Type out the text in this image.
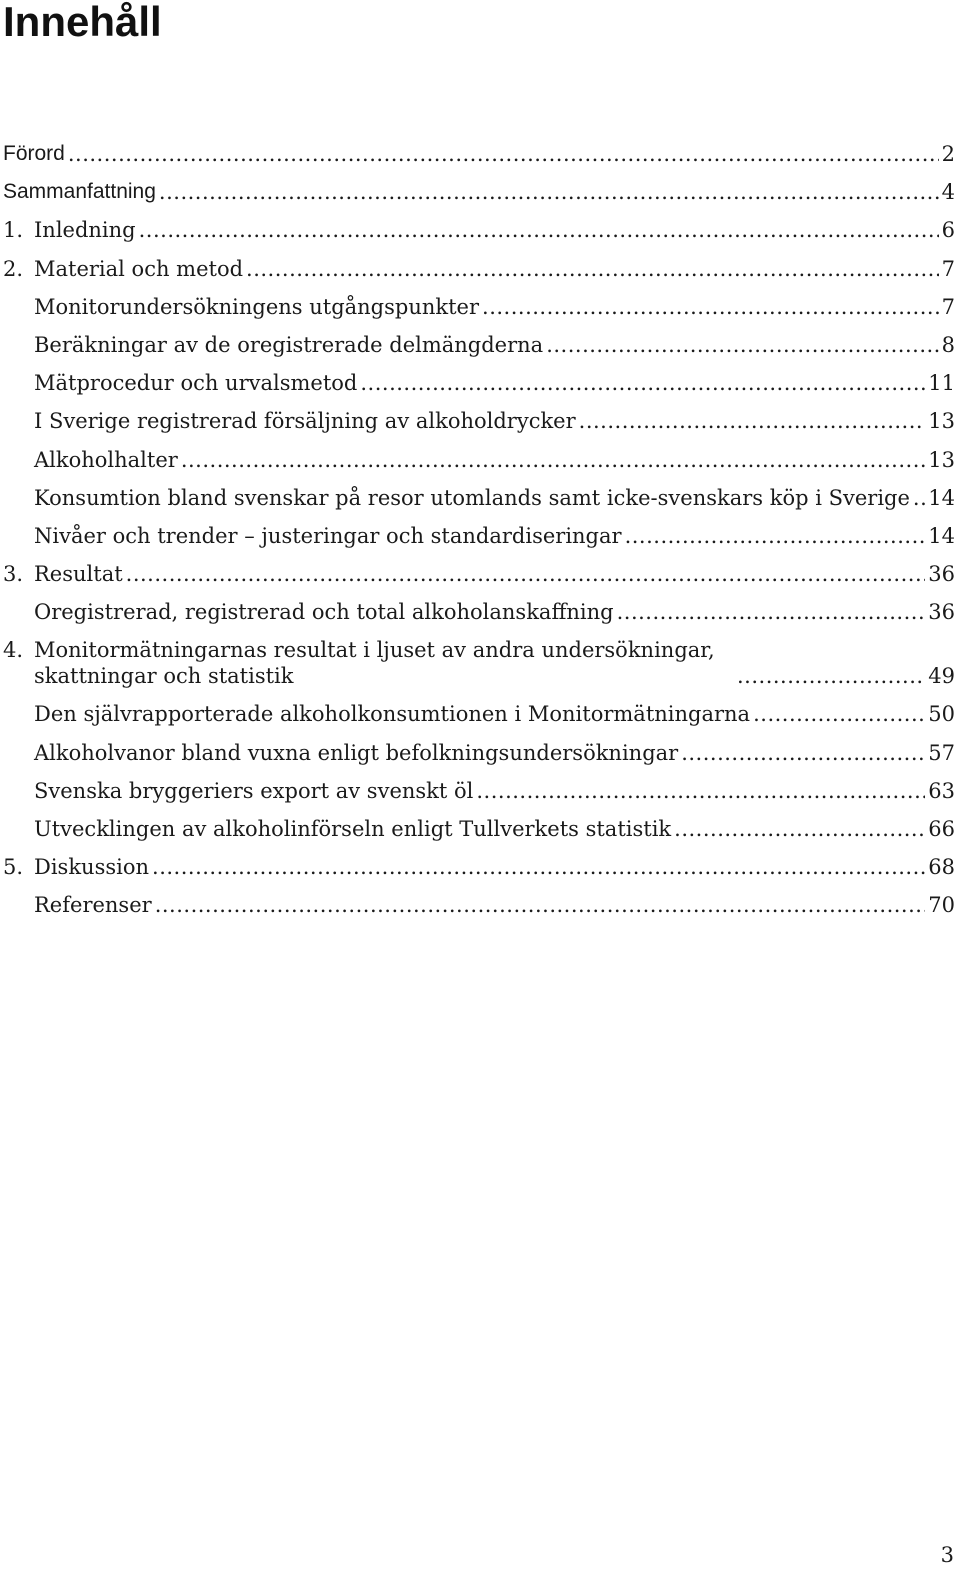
Innehåll
Förord .....	2
Sammanfattning .....	4
1. Inledning .....	6
2. Material och metod .....	7
Monitorundersökningens utgångspunkter .....	7
Beräkningar av de oregistrerade delmängderna .....	8
Mätprocedur och urvalsmetod .....	11
I Sverige registrerad försäljning av alkoholdrycker .....	13
Alkoholhalter .....	13
Konsumtion bland svenskar på resor utomlands samt icke-svenskars köp i Sverige ..... 14
Nivåer och trender – justeringar och standardiseringar .....	14
3. Resultat .....	36
Oregistrerad, registrerad och total alkoholanskaffning .....	36
4. Monitormätningarnas resultat i ljuset av andra undersökningar, skattningar och statistik .....	49
Den självrapporterade alkoholkonsumtionen i Monitormätningarna .....	50
Alkoholvanor bland vuxna enligt befolkningsundersökningar .....	57
Svenska bryggeriers export av svenskt öl .....	63
Utvecklingen av alkoholinförseln enligt Tullverkets statistik .....	66
5. Diskussion .....	68
Referenser .....	70
3
